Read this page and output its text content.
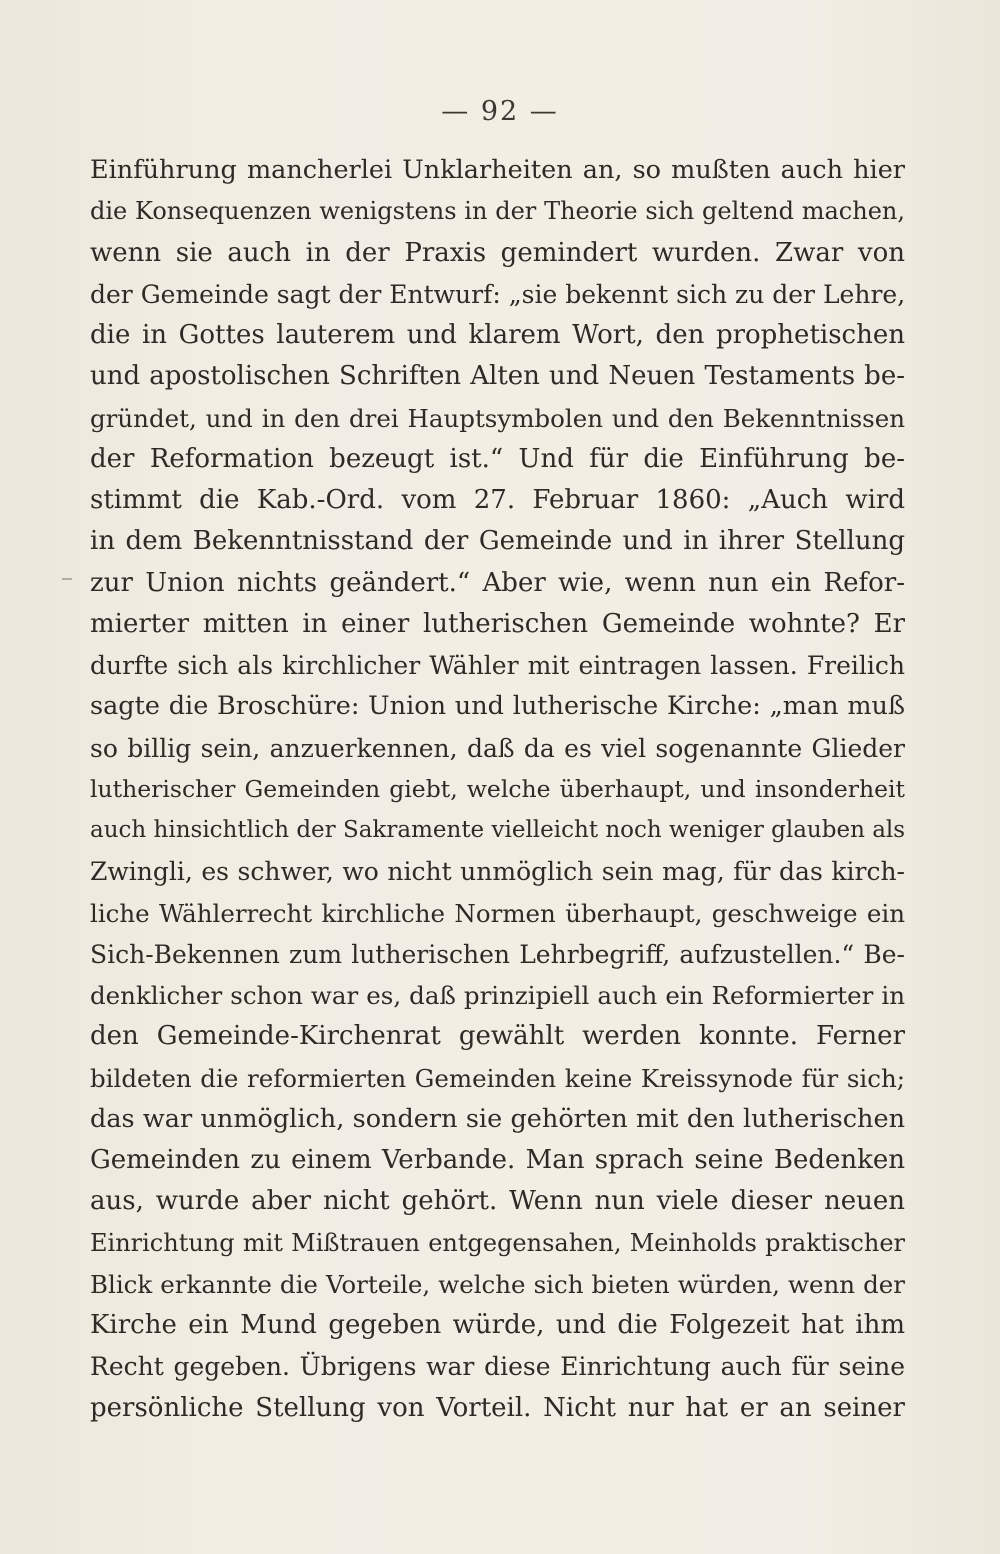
— 92 —
Einführung mancherlei Unklarheiten an, so mußten auch hier
die Konsequenzen wenigstens in der Theorie sich geltend machen,
wenn sie auch in der Praxis gemindert wurden. Zwar von
der Gemeinde sagt der Entwurf: „sie bekennt sich zu der Lehre,
die in Gottes lauterem und klarem Wort, den prophetischen
und apostolischen Schriften Alten und Neuen Testaments be-
gründet, und in den drei Hauptsymbolen und den Bekenntnissen
der Reformation bezeugt ist.“ Und für die Einführung be-
stimmt die Kab.-Ord. vom 27. Februar 1860: „Auch wird
in dem Bekenntnisstand der Gemeinde und in ihrer Stellung
zur Union nichts geändert.“ Aber wie, wenn nun ein Refor-
mierter mitten in einer lutherischen Gemeinde wohnte? Er
durfte sich als kirchlicher Wähler mit eintragen lassen. Freilich
sagte die Broschüre: Union und lutherische Kirche: „man muß
so billig sein, anzuerkennen, daß da es viel sogenannte Glieder
lutherischer Gemeinden giebt, welche überhaupt, und insonderheit
auch hinsichtlich der Sakramente vielleicht noch weniger glauben als
Zwingli, es schwer, wo nicht unmöglich sein mag, für das kirch-
liche Wählerrecht kirchliche Normen überhaupt, geschweige ein
Sich-Bekennen zum lutherischen Lehrbegriff, aufzustellen.“ Be-
denklicher schon war es, daß prinzipiell auch ein Reformierter in
den Gemeinde-Kirchenrat gewählt werden konnte. Ferner
bildeten die reformierten Gemeinden keine Kreissynode für sich;
das war unmöglich, sondern sie gehörten mit den lutherischen
Gemeinden zu einem Verbande. Man sprach seine Bedenken
aus, wurde aber nicht gehört. Wenn nun viele dieser neuen
Einrichtung mit Mißtrauen entgegensahen, Meinholds praktischer
Blick erkannte die Vorteile, welche sich bieten würden, wenn der
Kirche ein Mund gegeben würde, und die Folgezeit hat ihm
Recht gegeben. Übrigens war diese Einrichtung auch für seine
persönliche Stellung von Vorteil. Nicht nur hat er an seiner
